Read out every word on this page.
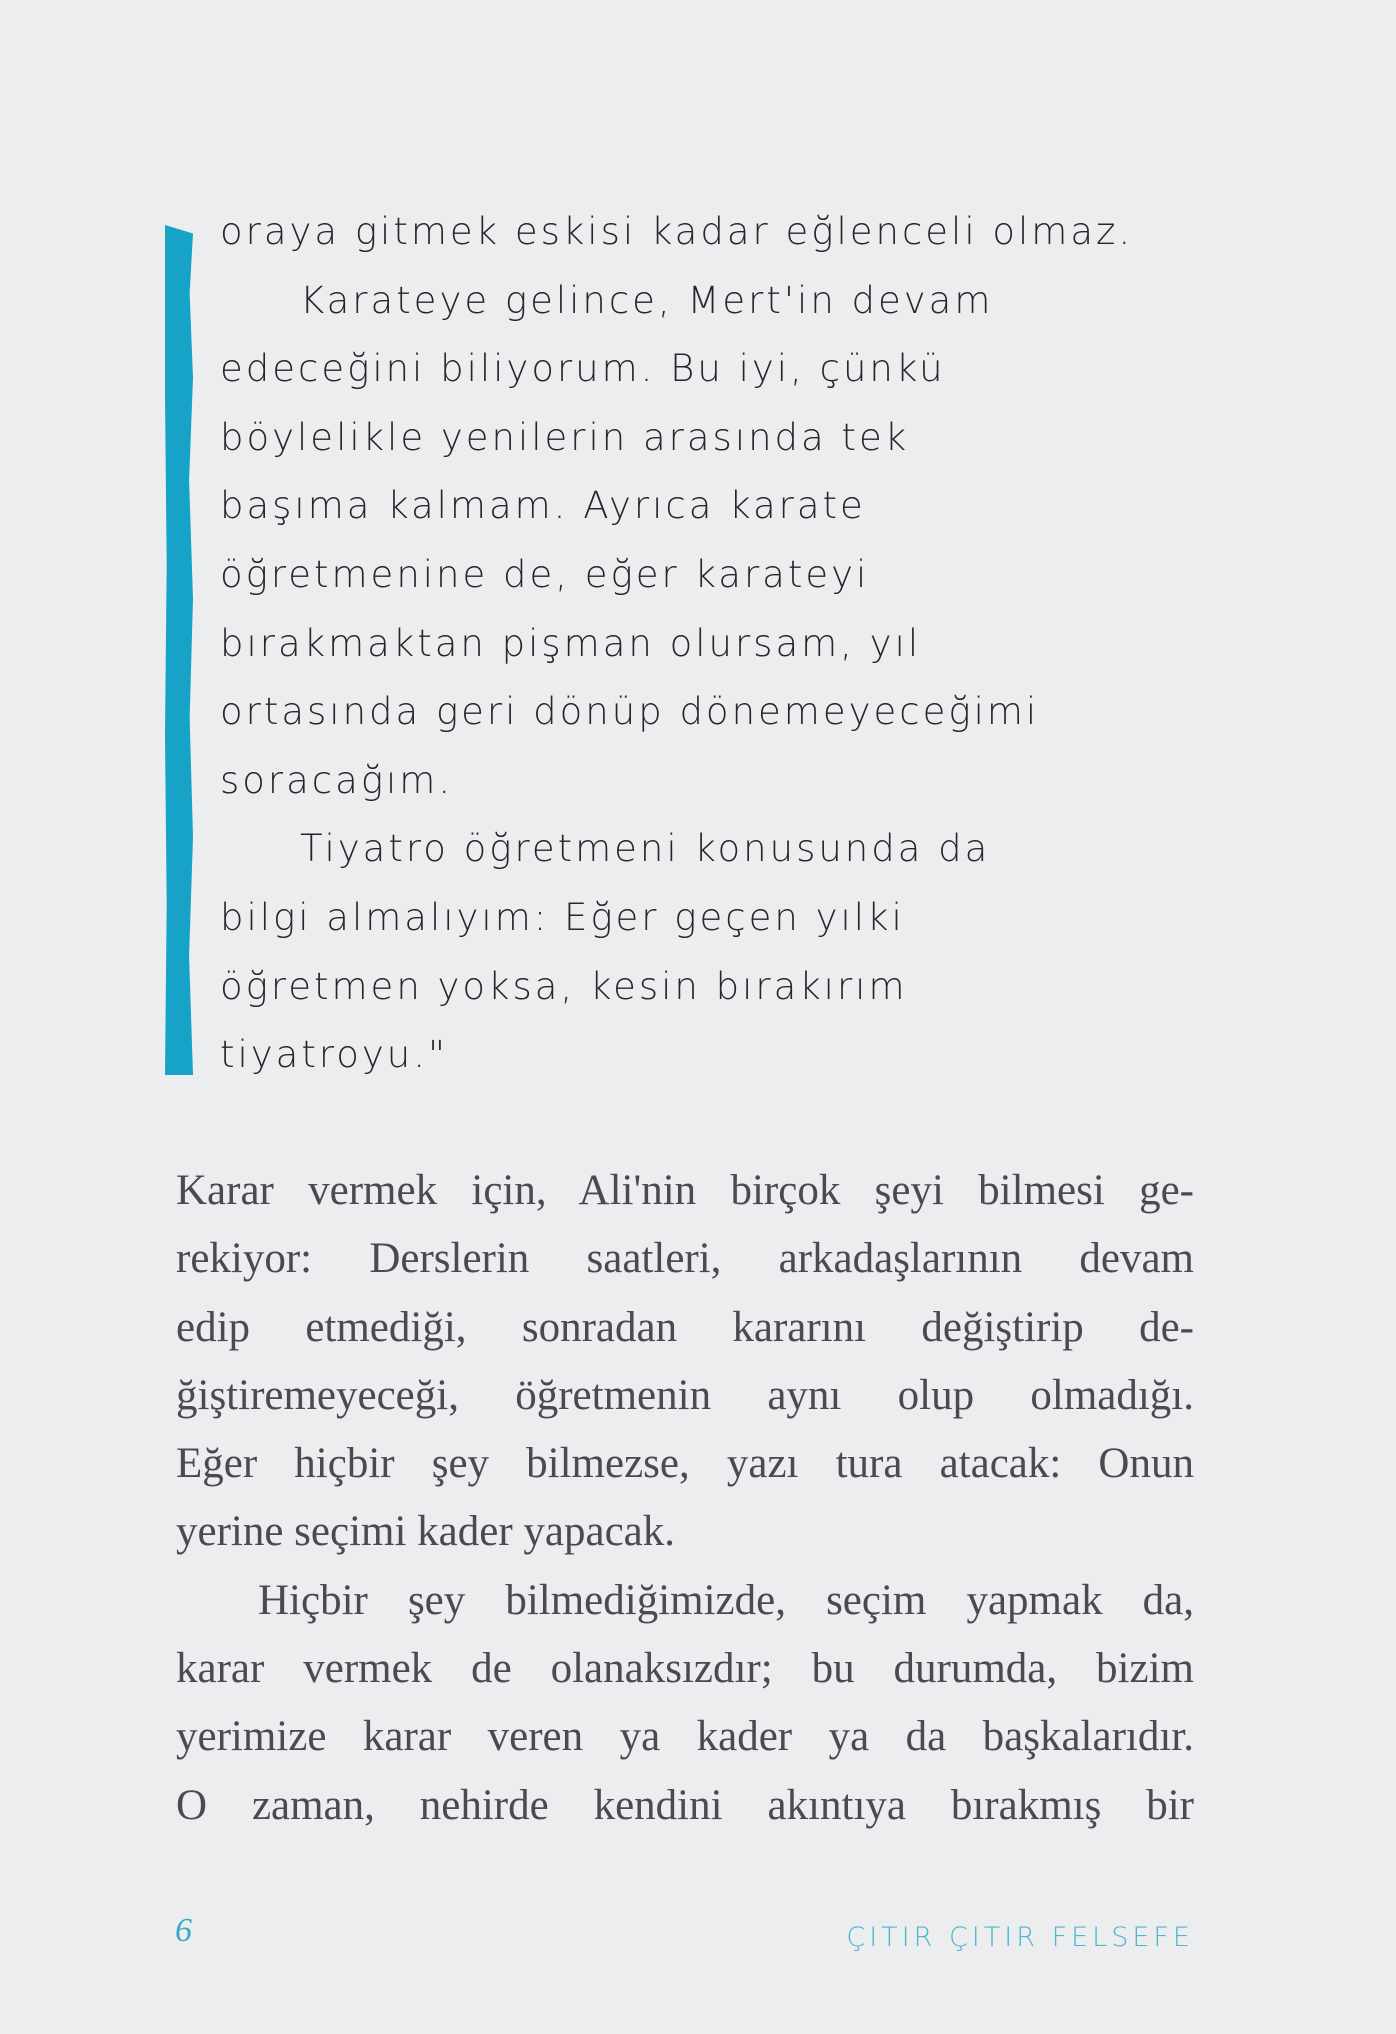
oraya gitmek eskisi kadar eğlenceli olmaz.
Karateye gelince, Mert'in devam
edeceğini biliyorum. Bu iyi, çünkü
böylelikle yenilerin arasında tek
başıma kalmam. Ayrıca karate
öğretmenine de, eğer karateyi
bırakmaktan pişman olursam, yıl
ortasında geri dönüp dönemeyeceğimi
soracağım.
Tiyatro öğretmeni konusunda da
bilgi almalıyım: Eğer geçen yılki
öğretmen yoksa, kesin bırakırım
tiyatroyu."
Karar vermek için, Ali'nin birçok şeyi bilmesi ge-
rekiyor: Derslerin saatleri, arkadaşlarının devam
edip etmediği, sonradan kararını değiştirip de-
ğiştiremeyeceği, öğretmenin aynı olup olmadığı.
Eğer hiçbir şey bilmezse, yazı tura atacak: Onun
yerine seçimi kader yapacak.
Hiçbir şey bilmediğimizde, seçim yapmak da,
karar vermek de olanaksızdır; bu durumda, bizim
yerimize karar veren ya kader ya da başkalarıdır.
O zaman, nehirde kendini akıntıya bırakmış bir
6	ÇITIR ÇITIR FELSEFE
